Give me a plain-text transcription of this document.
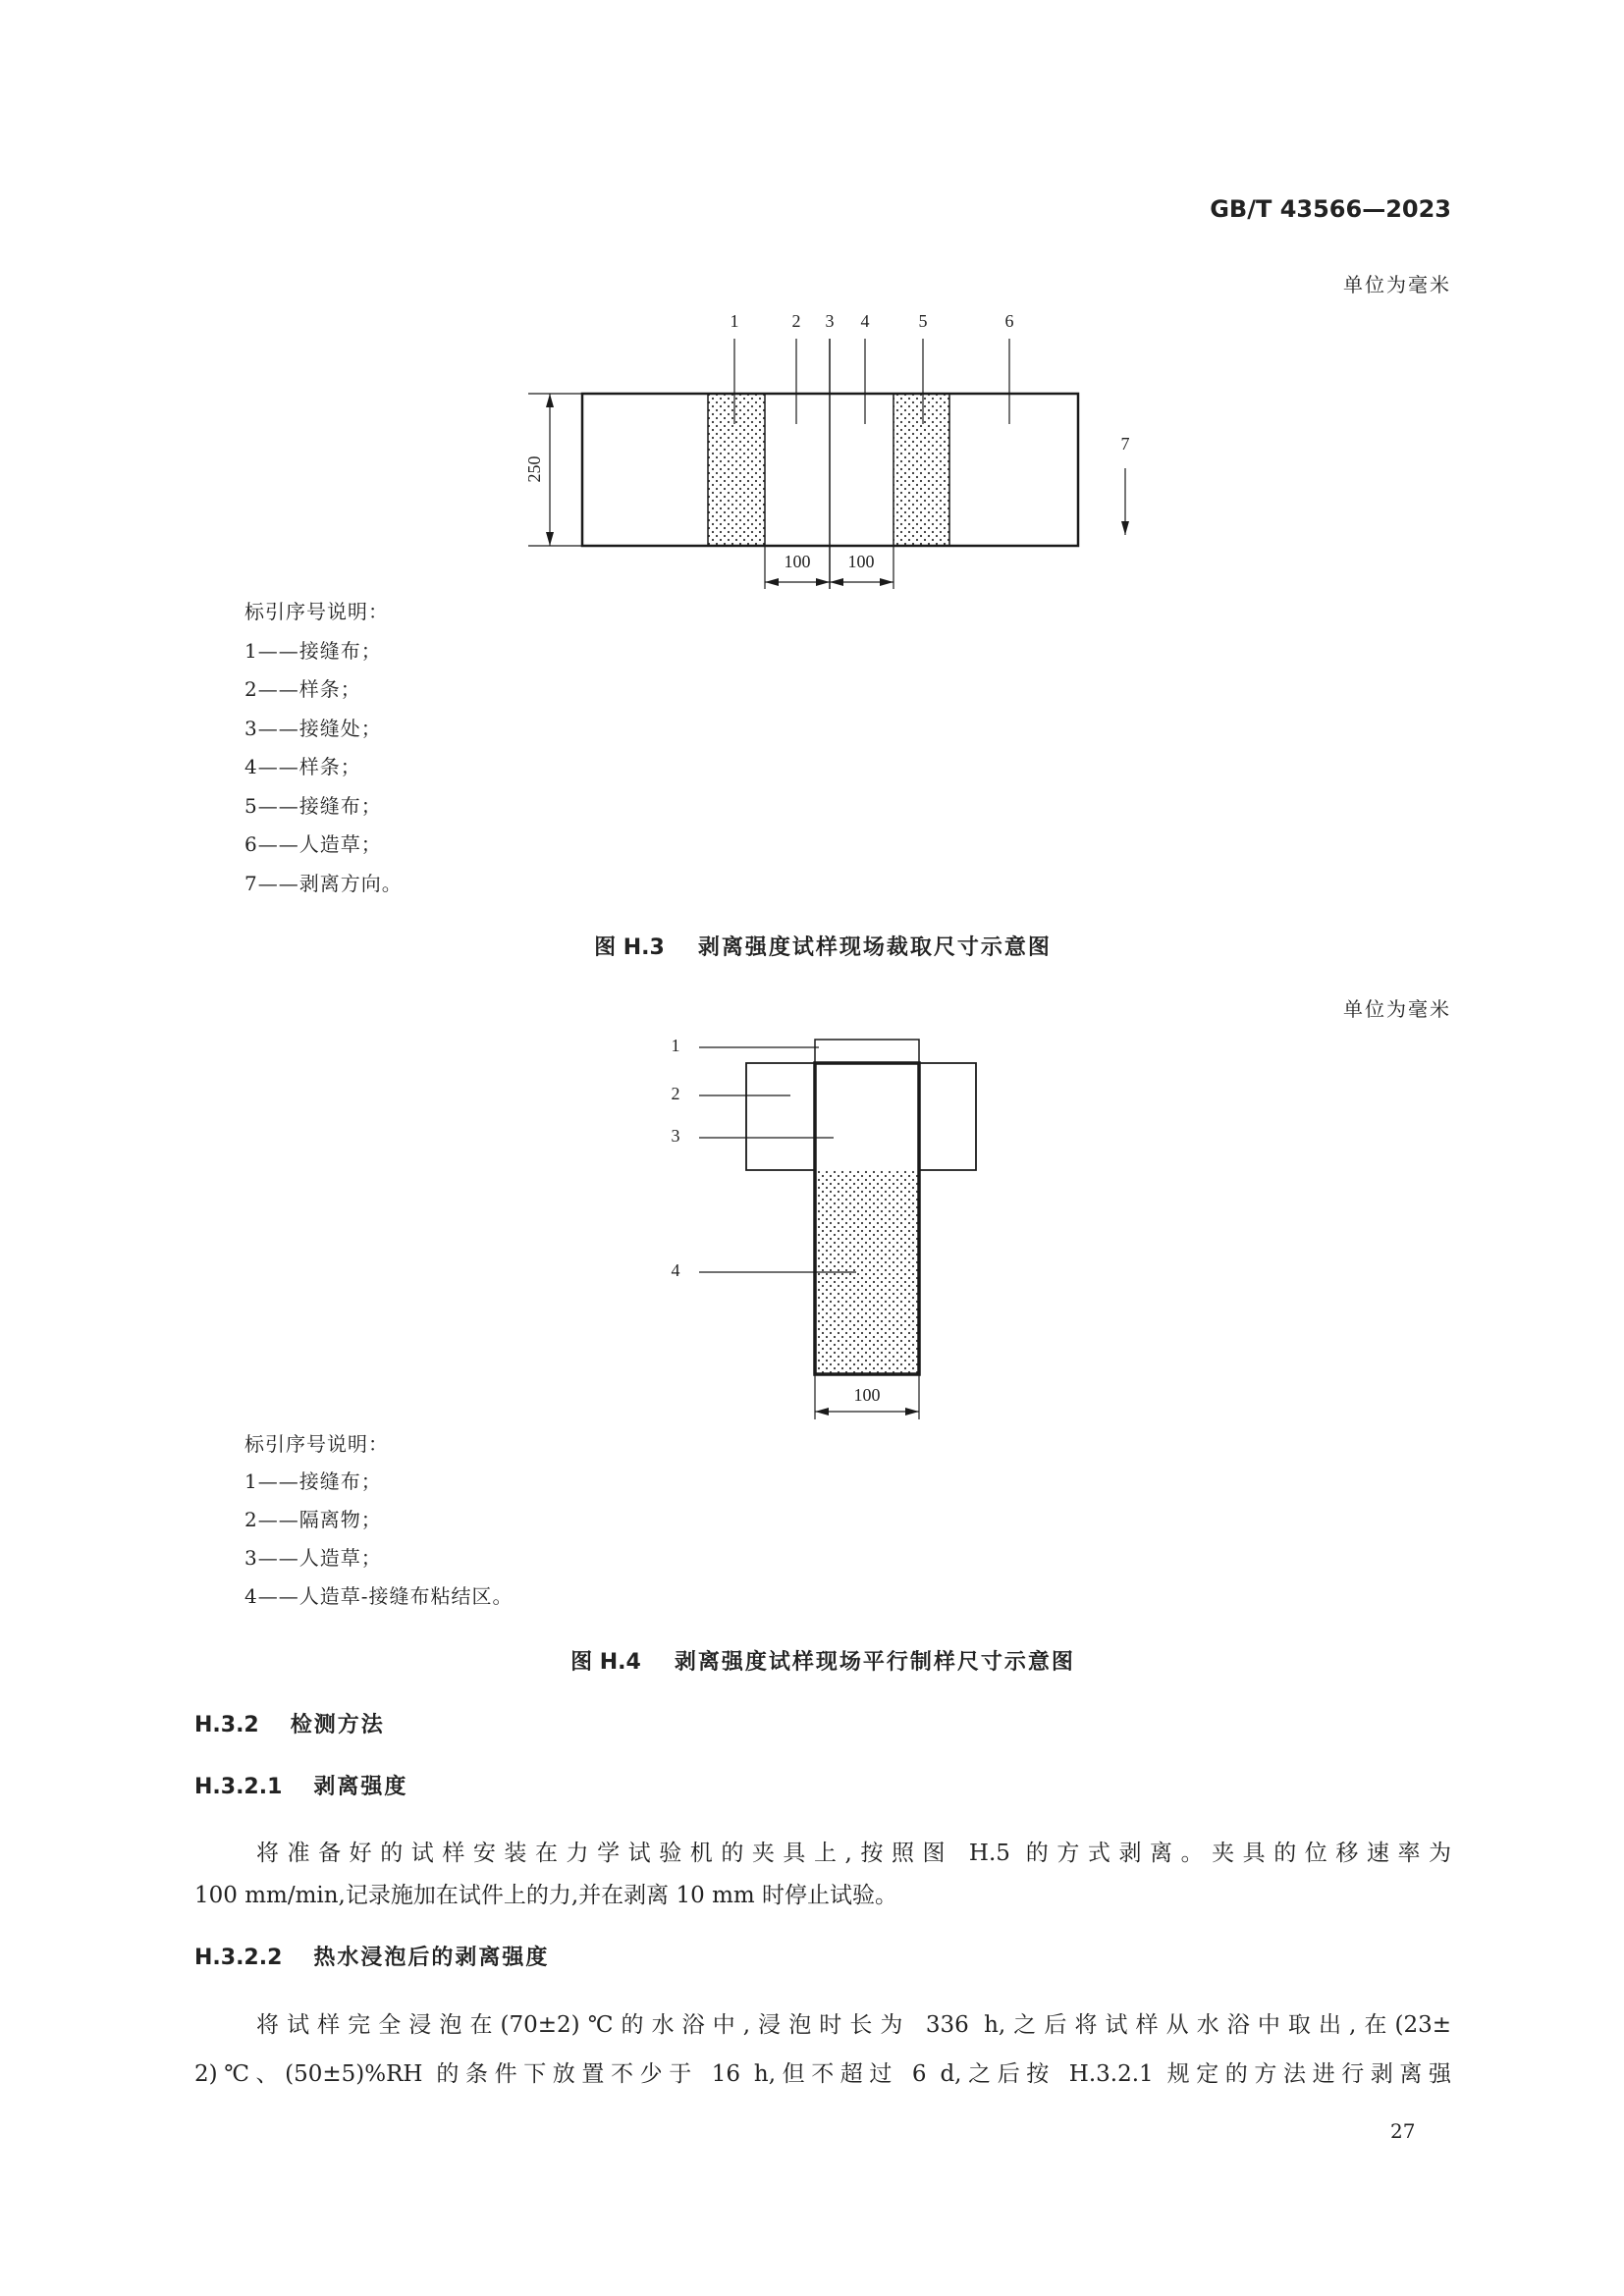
GB/T 43566—2023
单位为毫米
1	2 3 4	5	6
250
100 100
7
标引序号说明：
1——接缝布；
2——样条；
3——接缝处；
4——样条；
5——接缝布；
6——人造草；
7——剥离方向。
图 H.3 剥离强度试样现场裁取尺寸示意图
单位为毫米
1
2
3
4
100
标引序号说明：
1——接缝布；
2——隔离物；
3——人造草；
4——人造草-接缝布粘结区。
图 H.4 剥离强度试样现场平行制样尺寸示意图
H.3.2 检测方法
H.3.2.1 剥离强度
将准备好的试样安装在力学试验机的夹具上,按照图 H.5 的方式剥离。夹具的位移速率为
100 mm/min,记录施加在试件上的力,并在剥离 10 mm 时停止试验。
H.3.2.2 热水浸泡后的剥离强度
将试样完全浸泡在(70±2)℃的水浴中,浸泡时长为 336 h,之后将试样从水浴中取出,在(23±
2)℃、(50±5)%RH 的条件下放置不少于 16 h,但不超过 6 d,之后按 H.3.2.1 规定的方法进行剥离强
27
